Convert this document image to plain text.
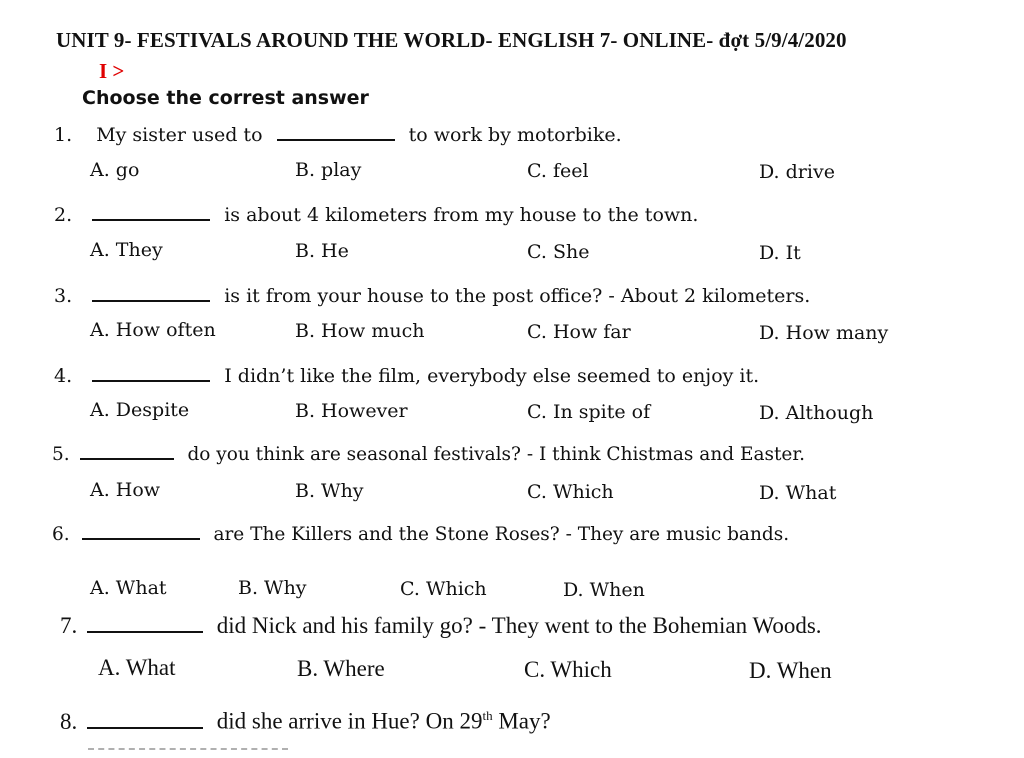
UNIT 9- FESTIVALS AROUND THE WORLD- ENGLISH 7- ONLINE- đợt 5/9/4/2020
I >
Choose the correst answer
1. My sister used to	to work by motorbike.
A. go	B. play	C. feel	D. drive
2.	is about 4 kilometers from my house to the town.
A. They	B. He	C. She	D. It
3.	is it from your house to the post office? - About 2 kilometers.
A. How often	B. How much	C. How far	D. How many
4.	I didn’t like the film, everybody else seemed to enjoy it.
A. Despite	B. However	C. In spite of	D. Although
5.	do you think are seasonal festivals? - I think Chistmas and Easter.
A. How	B. Why	C. Which	D. What
6.	are The Killers and the Stone Roses? - They are music bands.
A. What	B. Why	C. Which	D. When
7.	did Nick and his family go? - They went to the Bohemian Woods.
A. What	B. Where	C. Which	D. When
8.	did she arrive in Hue? On 29th May?
